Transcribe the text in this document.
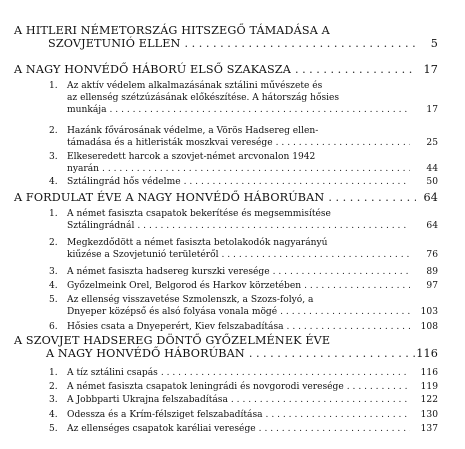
A HITLERI NÉMETORSZÁG HITSZEGŐ TÁMADÁSA A
SZOVJETUNIÓ ELLEN . . .	5
A NAGY HONVÉDŐ HÁBORÚ ELSŐ SZAKASZA . . .	17
1. Az aktív védelem alkalmazásának sztálini művészete és
az ellenség szétzúzásának előkészítése. A hátország hősies
munkája . . .	17
2. Hazánk fővárosának védelme, a Vörös Hadsereg ellen-
támadása és a hitleristák moszkvai veresége . . .	25
3. Elkeseredett harcok a szovjet-német arcvonalon 1942
nyarán . . .	44
4. Sztálingrád hős védelme . . .	50
A FORDULAT ÉVE A NAGY HONVÉDŐ HÁBORÚBAN . . .	64
1. A német fasiszta csapatok bekerítése és megsemmisítése
Sztálingrádnál . . .	64
2. Megkezdődött a német fasiszta betolakodók nagyarányú
kiűzése a Szovjetunió területéről . . .	76
3. A német fasiszta hadsereg kurszki veresége . . .	89
4. Győzelmeink Orel, Belgorod és Harkov körzetében . . .	97
5. Az ellenség visszavetése Szmolenszk, a Szozs-folyó, a
Dnyeper középső és alsó folyása vonala mögé . . .	103
6. Hősies csata a Dnyeperért, Kiev felszabadítása . . .	108
A SZOVJET HADSEREG DÖNTŐ GYŐZELMÉNEK ÉVE
A NAGY HONVÉDŐ HÁBORÚBAN . . .	116
1. A tíz sztálini csapás . . .	116
2. A német fasiszta csapatok leningrádi és novgorodi veresége . . .	119
3. A Jobbparti Ukrajna felszabadítása . . .	122
4. Odessza és a Krím-félsziget felszabadítása . . .	130
5. Az ellenséges csapatok karéliai veresége . . .	137
